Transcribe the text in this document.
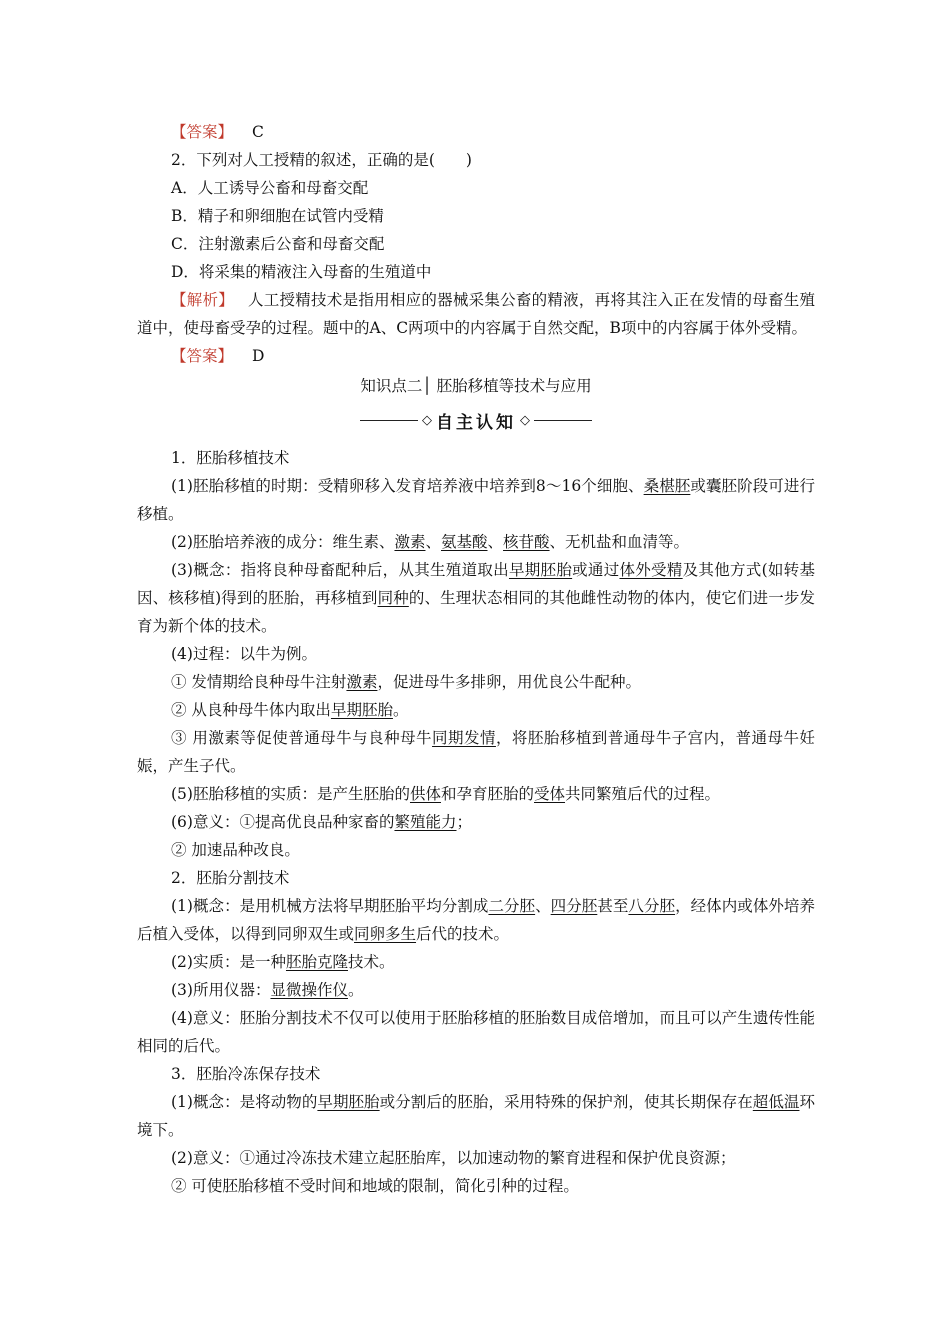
【答案】 C
2．下列对人工授精的叙述，正确的是(　　)
A．人工诱导公畜和母畜交配
B．精子和卵细胞在试管内受精
C．注射激素后公畜和母畜交配
D．将采集的精液注入母畜的生殖道中
【解析】 人工授精技术是指用相应的器械采集公畜的精液，再将其注入正在发情的母畜生殖道中，使母畜受孕的过程。题中的A、C两项中的内容属于自然交配，B项中的内容属于体外受精。
【答案】 D
知识点二│ 胚胎移植等技术与应用
◇ 自主认知 ◇
1．胚胎移植技术
(1)胚胎移植的时期：受精卵移入发育培养液中培养到8～16个细胞、桑椹胚或囊胚阶段可进行移植。
(2)胚胎培养液的成分：维生素、激素、氨基酸、核苷酸、无机盐和血清等。
(3)概念：指将良种母畜配种后，从其生殖道取出早期胚胎或通过体外受精及其他方式(如转基因、核移植)得到的胚胎，再移植到同种的、生理状态相同的其他雌性动物的体内，使它们进一步发育为新个体的技术。
(4)过程：以牛为例。
① 发情期给良种母牛注射激素，促进母牛多排卵，用优良公牛配种。
② 从良种母牛体内取出早期胚胎。
③ 用激素等促使普通母牛与良种母牛同期发情，将胚胎移植到普通母牛子宫内，普通母牛妊娠，产生子代。
(5)胚胎移植的实质：是产生胚胎的供体和孕育胚胎的受体共同繁殖后代的过程。
(6)意义：①提高优良品种家畜的繁殖能力；
② 加速品种改良。
2．胚胎分割技术
(1)概念：是用机械方法将早期胚胎平均分割成二分胚、四分胚甚至八分胚，经体内或体外培养后植入受体，以得到同卵双生或同卵多生后代的技术。
(2)实质：是一种胚胎克隆技术。
(3)所用仪器：显微操作仪。
(4)意义：胚胎分割技术不仅可以使用于胚胎移植的胚胎数目成倍增加，而且可以产生遗传性能相同的后代。
3．胚胎冷冻保存技术
(1)概念：是将动物的早期胚胎或分割后的胚胎，采用特殊的保护剂，使其长期保存在超低温环境下。
(2)意义：①通过冷冻技术建立起胚胎库，以加速动物的繁育进程和保护优良资源；
② 可使胚胎移植不受时间和地域的限制，简化引种的过程。
